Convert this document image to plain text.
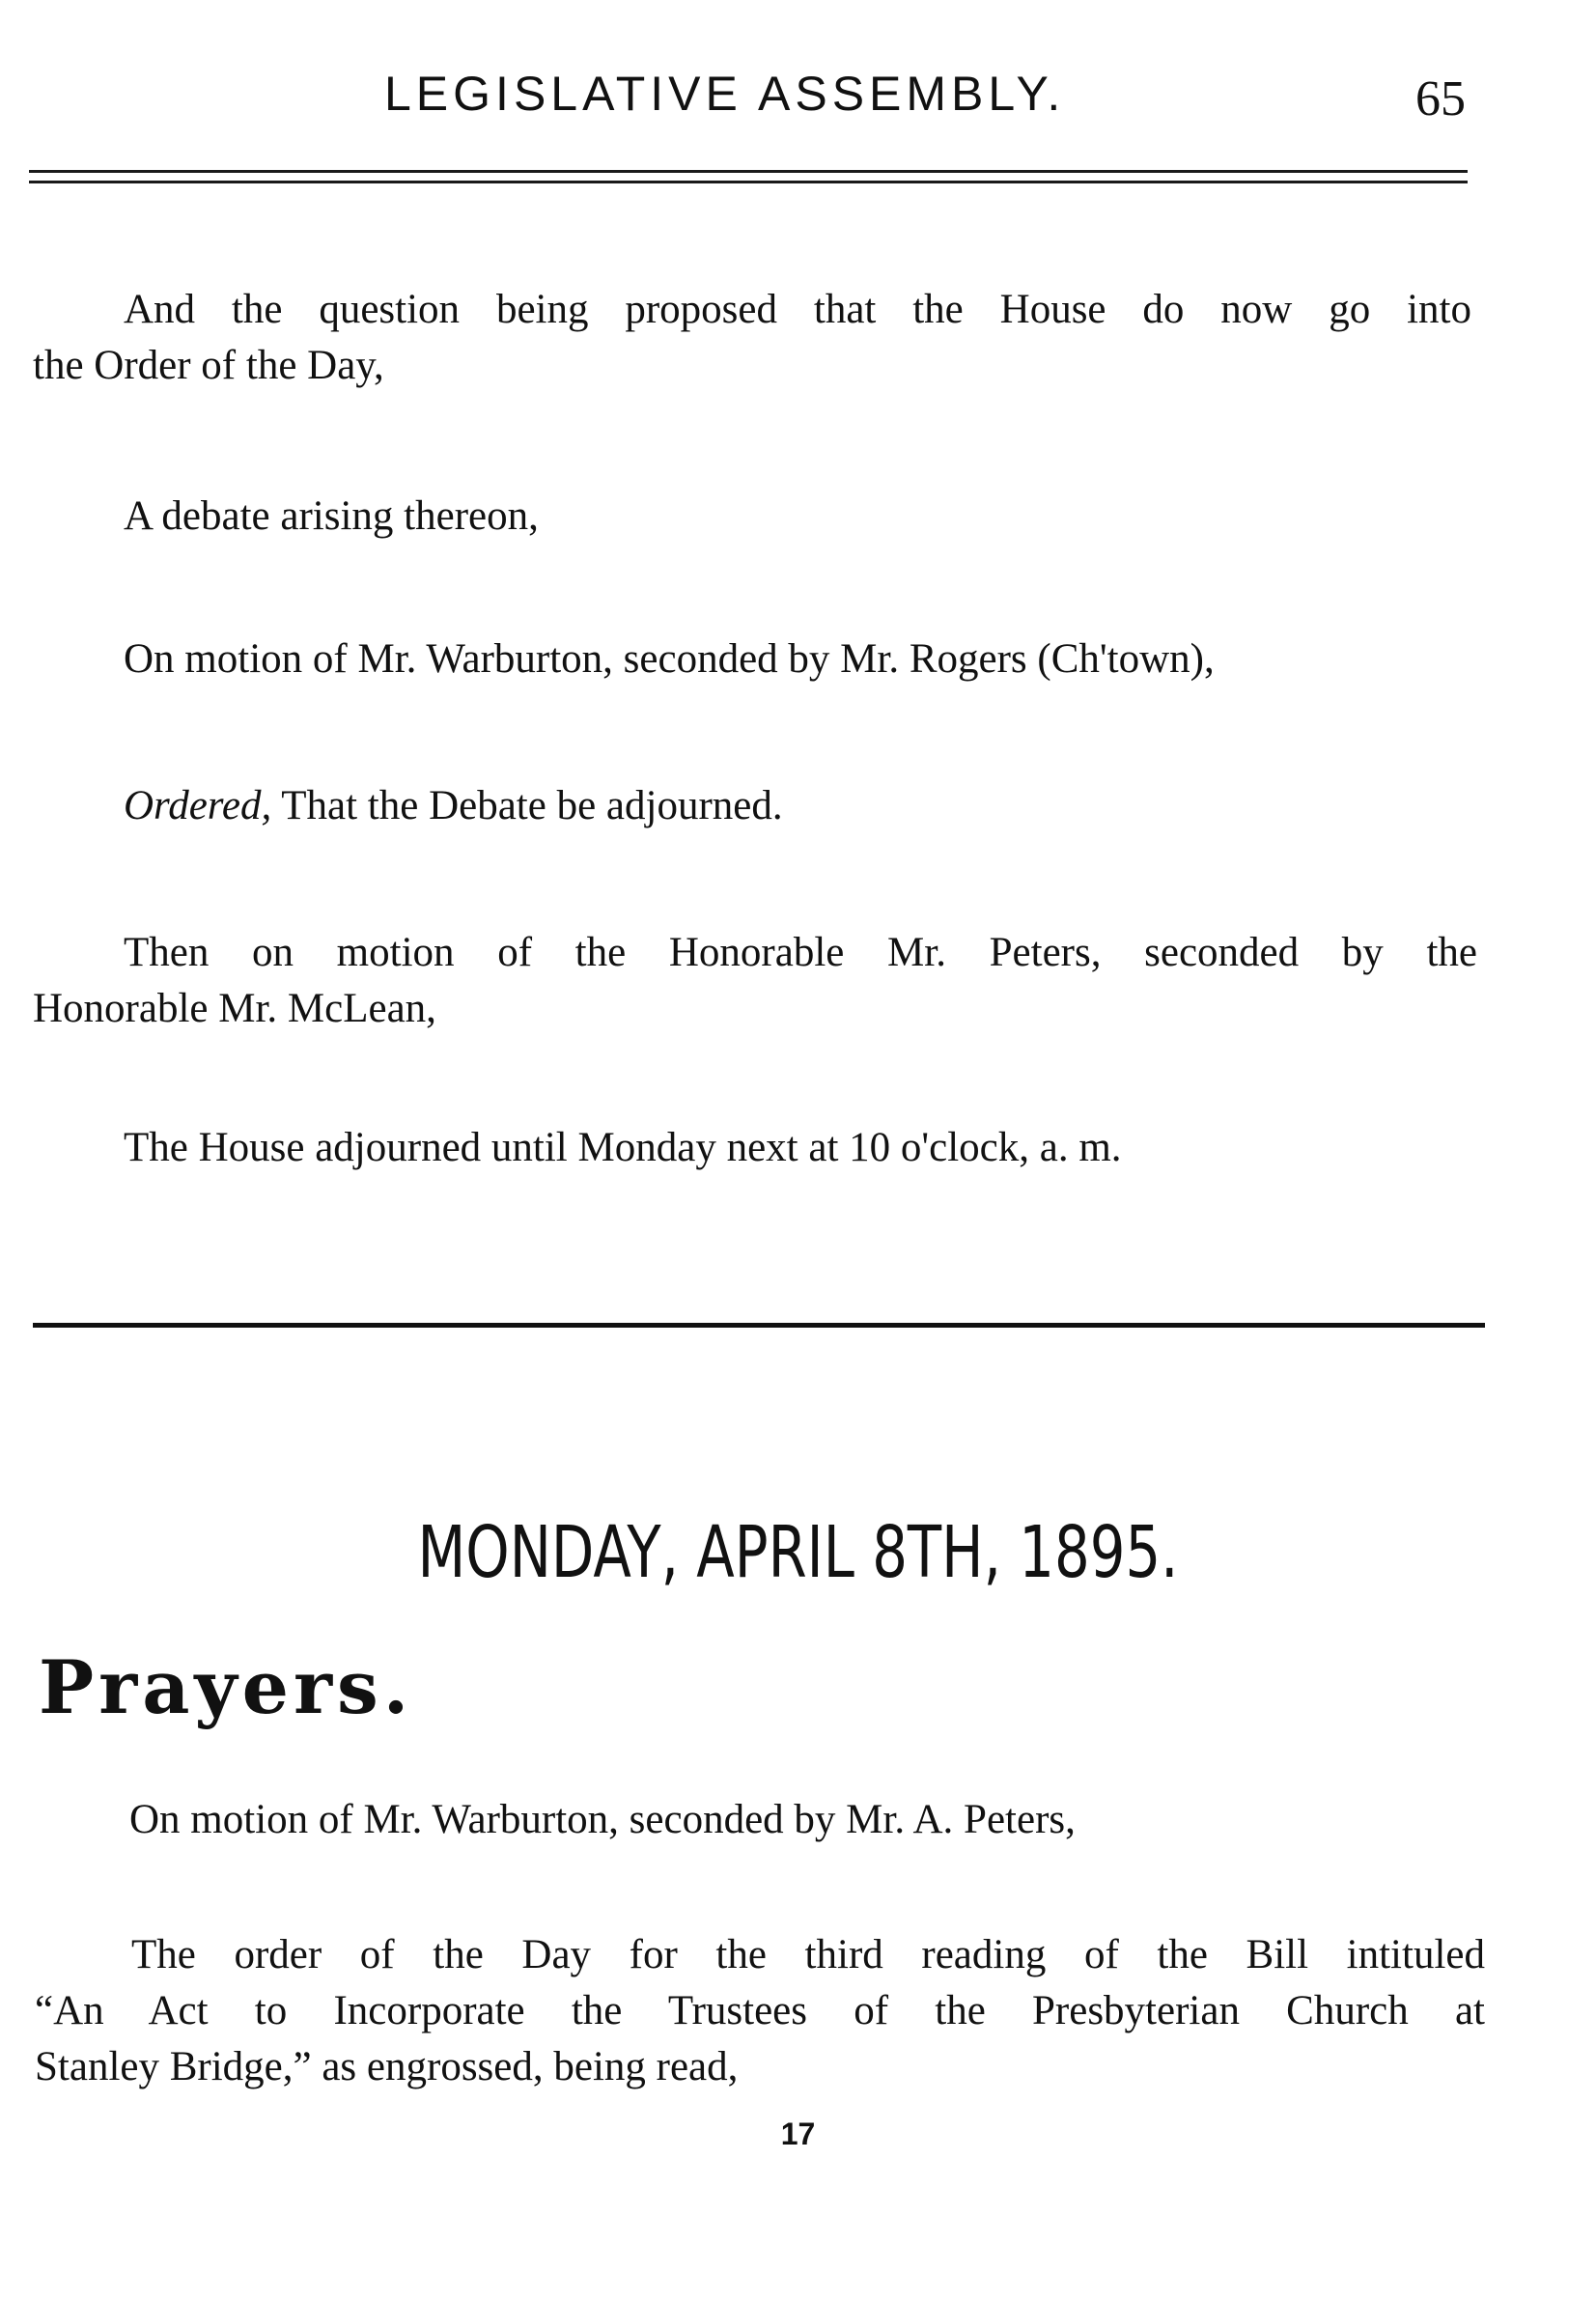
LEGISLATIVE ASSEMBLY.	65
And the question being proposed that the House do now go into
the Order of the Day,

A debate arising thereon,

On motion of Mr. Warburton, seconded by Mr. Rogers (Ch'town),

Ordered, That the Debate be adjourned.

Then on motion of the Honorable Mr. Peters, seconded by the
Honorable Mr. McLean,

The House adjourned until Monday next at 10 o'clock, a. m.

MONDAY, APRIL 8TH, 1895.
Prayers.

On motion of Mr. Warburton, seconded by Mr. A. Peters,

The order of the Day for the third reading of the Bill intituled
“An Act to Incorporate the Trustees of the Presbyterian Church at
Stanley Bridge,” as engrossed, being read,
17
